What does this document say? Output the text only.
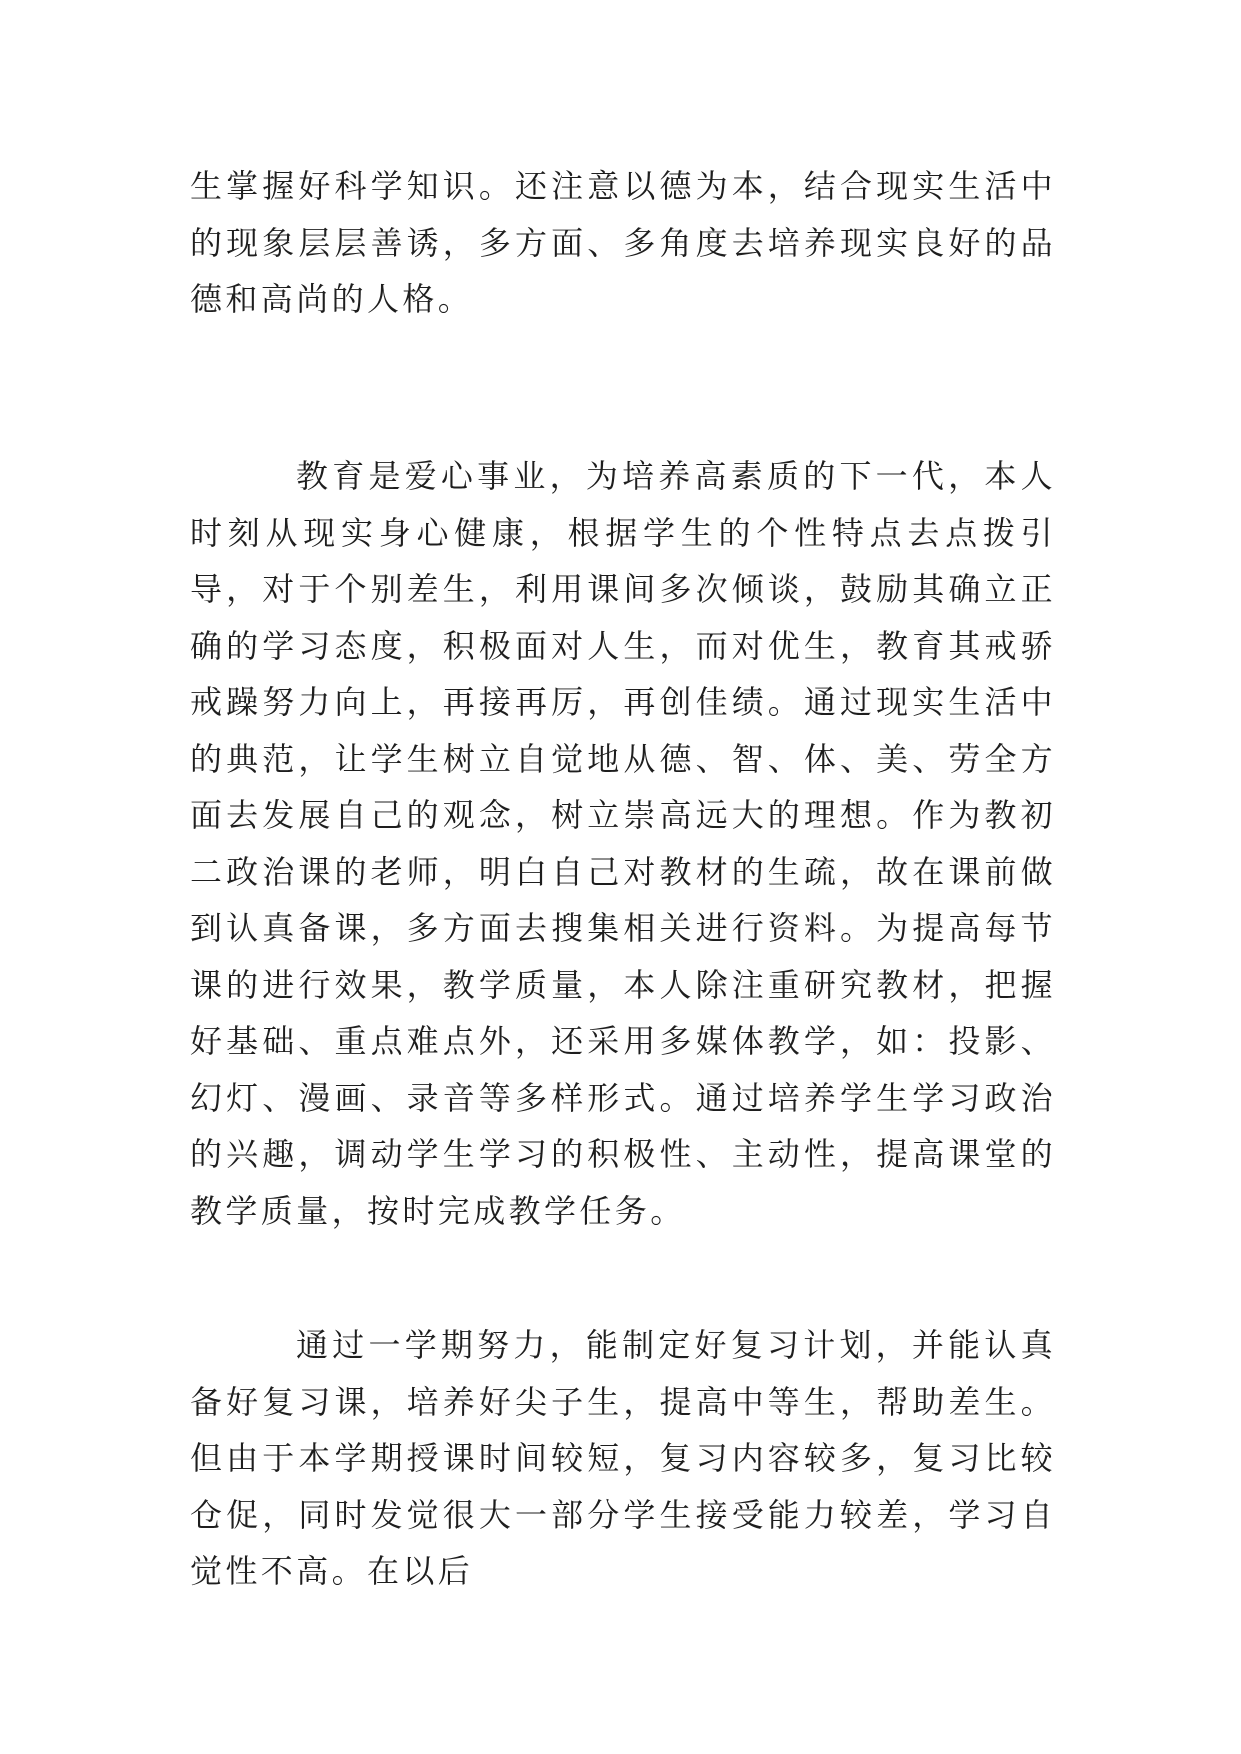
生掌握好科学知识。还注意以德为本，结合现实生活中的现象层层善诱，多方面、多角度去培养现实良好的品德和高尚的人格。

教育是爱心事业，为培养高素质的下一代，本人时刻从现实身心健康，根据学生的个性特点去点拨引导，对于个别差生，利用课间多次倾谈，鼓励其确立正确的学习态度，积极面对人生，而对优生，教育其戒骄戒躁努力向上，再接再厉，再创佳绩。通过现实生活中的典范，让学生树立自觉地从德、智、体、美、劳全方面去发展自己的观念，树立崇高远大的理想。作为教初二政治课的老师，明白自己对教材的生疏，故在课前做到认真备课，多方面去搜集相关进行资料。为提高每节课的进行效果，教学质量，本人除注重研究教材，把握好基础、重点难点外，还采用多媒体教学，如：投影、幻灯、漫画、录音等多样形式。通过培养学生学习政治的兴趣，调动学生学习的积极性、主动性，提高课堂的教学质量，按时完成教学任务。

通过一学期努力，能制定好复习计划，并能认真备好复习课，培养好尖子生，提高中等生，帮助差生。但由于本学期授课时间较短，复习内容较多，复习比较仓促，同时发觉很大一部分学生接受能力较差，学习自觉性不高。在以后
